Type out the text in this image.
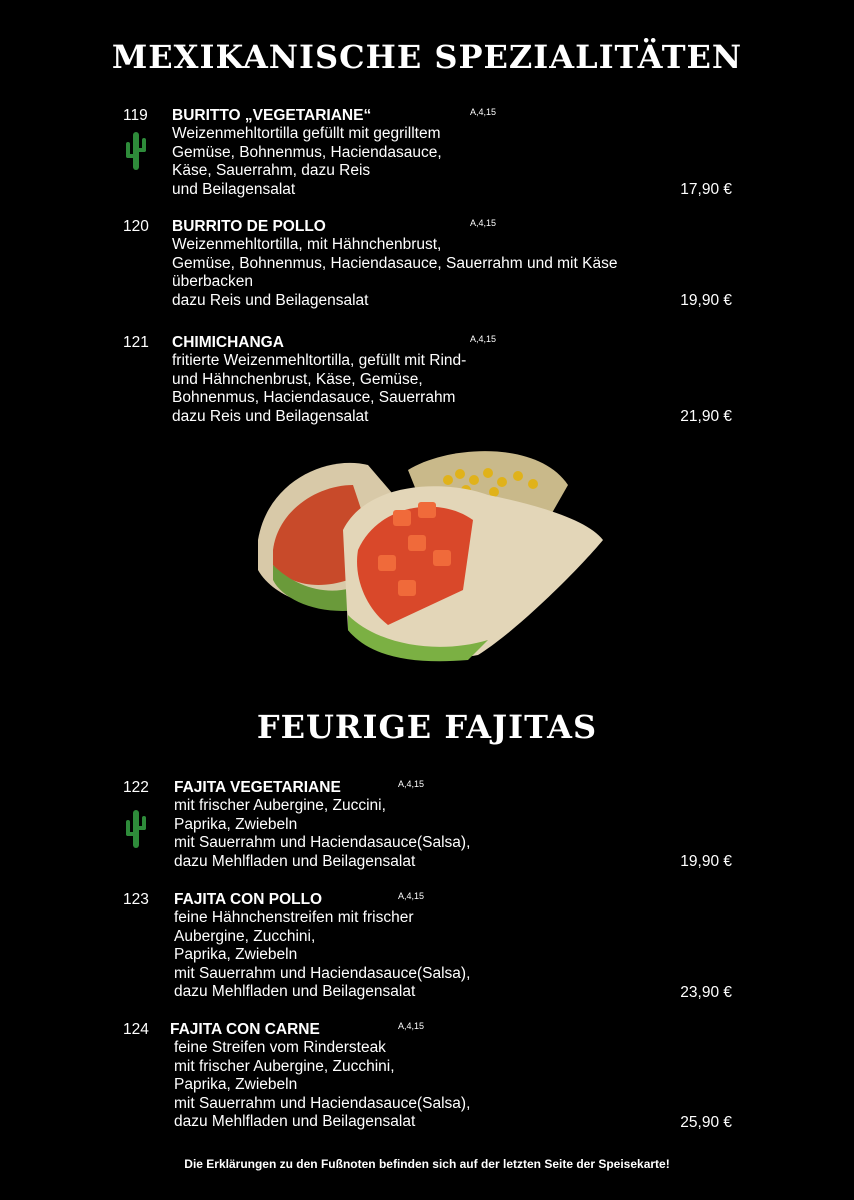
MEXIKANISCHE SPEZIALITÄTEN
119 BURITTO „VEGETARIANE“	A,4,15
Weizenmehltortilla gefüllt mit gegrilltem
Gemüse, Bohnenmus, Haciendasauce,
Käse, Sauerrahm, dazu Reis
und Beilagensalat	17,90 €
120 BURRITO DE POLLO	A,4,15
Weizenmehltortilla, mit Hähnchenbrust,
Gemüse, Bohnenmus, Haciendasauce, Sauerrahm und mit Käse
überbacken
dazu Reis und Beilagensalat	19,90 €
121 CHIMICHANGA	A,4,15
fritierte Weizenmehltortilla, gefüllt mit Rind-
und Hähnchenbrust, Käse, Gemüse,
Bohnenmus, Haciendasauce, Sauerrahm
dazu Reis und Beilagensalat	21,90 €
FEURIGE FAJITAS
122 FAJITA VEGETARIANE	A,4,15
mit frischer Aubergine, Zuccini,
Paprika, Zwiebeln
mit Sauerrahm und Haciendasauce(Salsa),
dazu Mehlfladen und Beilagensalat	19,90 €
123 FAJITA CON POLLO	A,4,15
feine Hähnchenstreifen mit frischer
Aubergine, Zucchini,
Paprika, Zwiebeln
mit Sauerrahm und Haciendasauce(Salsa),
dazu Mehlfladen und Beilagensalat	23,90 €
124 FAJITA CON CARNE	A,4,15
feine Streifen vom Rindersteak
mit frischer Aubergine, Zucchini,
Paprika, Zwiebeln
mit Sauerrahm und Haciendasauce(Salsa),
dazu Mehlfladen und Beilagensalat	25,90 €
Die Erklärungen zu den Fußnoten befinden sich auf der letzten Seite der Speisekarte!
